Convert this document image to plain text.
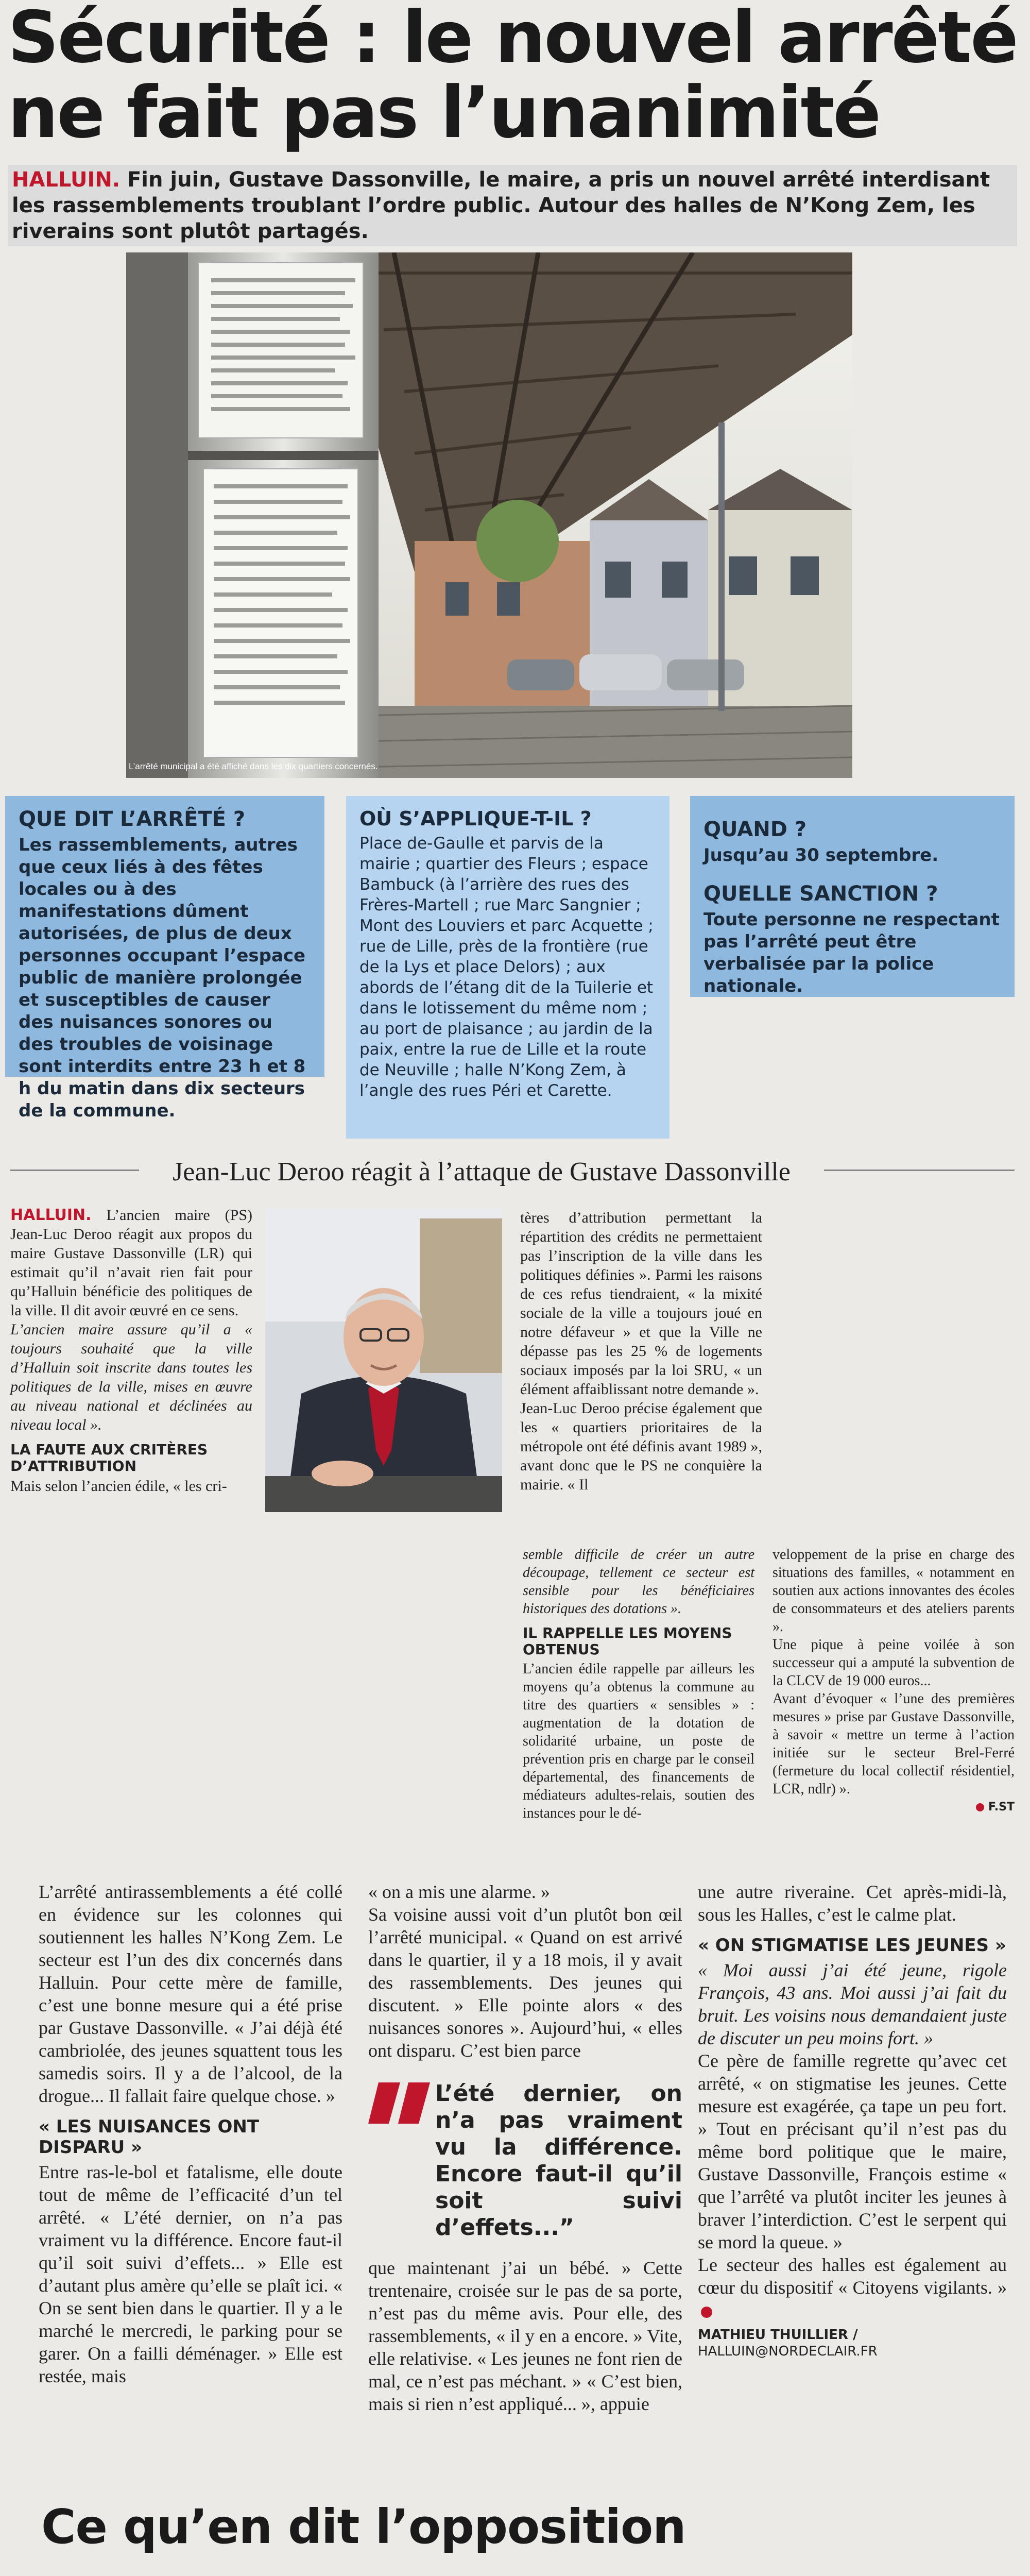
Sécurité : le nouvel arrêté
ne fait pas l’unanimité
HALLUIN. Fin juin, Gustave Dassonville, le maire, a pris un nouvel arrêté interdisant les rassemblements troublant l’ordre public. Autour des halles de N’Kong Zem, les riverains sont plutôt partagés.
L’arrêté municipal a été affiché dans les dix quartiers concernés.
QUE DIT L’ARRÊTÉ ?

Les rassemblements, autres que ceux liés à des fêtes locales ou à des manifestations dûment autorisées, de plus de deux personnes occupant l’espace public de manière prolongée et susceptibles de causer des nuisances sonores ou des troubles de voisinage sont interdits entre 23 h et 8 h du matin dans dix secteurs de la commune.

OÙ S’APPLIQUE-T-IL ?

Place de-Gaulle et parvis de la mairie ; quartier des Fleurs ; espace Bambuck (à l’arrière des rues des Frères-Martell ; rue Marc Sangnier ; Mont des Louviers et parc Acquette ; rue de Lille, près de la frontière (rue de la Lys et place Delors) ; aux abords de l’étang dit de la Tuilerie et dans le lotissement du même nom ; au port de plaisance ; au jardin de la paix, entre la rue de Lille et la route de Neuville ; halle N’Kong Zem, à l’angle des rues Péri et Carette.

QUAND ?

Jusqu’au 30 septembre.

QUELLE SANCTION ?

Toute personne ne respectant pas l’arrêté peut être verbalisée par la police nationale.

Jean-Luc Deroo réagit à l’attaque de Gustave Dassonville
HALLUIN. L’ancien maire (PS) Jean-Luc Deroo réagit aux propos du maire Gustave Dassonville (LR) qui estimait qu’il n’avait rien fait pour qu’Halluin bénéficie des politiques de la ville. Il dit avoir œuvré en ce sens.
L’ancien maire assure qu’il a « toujours souhaité que la ville d’Halluin soit inscrite dans toutes les politiques de la ville, mises en œuvre au niveau national et déclinées au niveau local ».
LA FAUTE AUX CRITÈRES D’ATTRIBUTION
Mais selon l’ancien édile, « les cri-
tères d’attribution permettant la répartition des crédits ne permettaient pas l’inscription de la ville dans les politiques définies ». Parmi les raisons de ces refus tiendraient, « la mixité sociale de la ville a toujours joué en notre défaveur » et que la Ville ne dépasse pas les 25 % de logements sociaux imposés par la loi SRU, « un élément affaiblissant notre demande ».
Jean-Luc Deroo précise également que les « quartiers prioritaires de la métropole ont été définis avant 1989 », avant donc que le PS ne conquière la mairie. « Il
semble difficile de créer un autre découpage, tellement ce secteur est sensible pour les bénéficiaires historiques des dotations ».
IL RAPPELLE LES MOYENS OBTENUS
L’ancien édile rappelle par ailleurs les moyens qu’a obtenus la commune au titre des quartiers « sensibles » : augmentation de la dotation de solidarité urbaine, un poste de prévention pris en charge par le conseil départemental, des financements de médiateurs adultes-relais, soutien des instances pour le dé-
veloppement de la prise en charge des situations des familles, « notamment en soutien aux actions innovantes des écoles de consommateurs et des ateliers parents ».
Une pique à peine voilée à son successeur qui a amputé la subvention de la CLCV de 19 000 euros...
Avant d’évoquer « l’une des premières mesures » prise par Gustave Dassonville, à savoir « mettre un terme à l’action initiée sur le secteur Brel-Ferré (fermeture du local collectif résidentiel, LCR, ndlr) ».
F.ST
L’arrêté antirassemblements a été collé en évidence sur les colonnes qui soutiennent les halles N’Kong Zem. Le secteur est l’un des dix concernés dans Halluin. Pour cette mère de famille, c’est une bonne mesure qui a été prise par Gustave Dassonville. « J’ai déjà été cambriolée, des jeunes squattent tous les samedis soirs. Il y a de l’alcool, de la drogue... Il fallait faire quelque chose. »
« LES NUISANCES ONT DISPARU »
Entre ras-le-bol et fatalisme, elle doute tout de même de l’efficacité d’un tel arrêté. « L’été dernier, on n’a pas vraiment vu la différence. Encore faut-il qu’il soit suivi d’effets... » Elle est d’autant plus amère qu’elle se plaît ici. « On se sent bien dans le quartier. Il y a le marché le mercredi, le parking pour se garer. On a failli déménager. » Elle est restée, mais
« on a mis une alarme. »
Sa voisine aussi voit d’un plutôt bon œil l’arrêté municipal. « Quand on est arrivé dans le quartier, il y a 18 mois, il y avait des rassemblements. Des jeunes qui discutent. » Elle pointe alors « des nuisances sonores ». Aujourd’hui, « elles ont disparu. C’est bien parce
L’été dernier, on n’a pas vraiment vu la différence. Encore faut-il qu’il soit suivi d’effets...”
que maintenant j’ai un bébé. » Cette trentenaire, croisée sur le pas de sa porte, n’est pas du même avis. Pour elle, des rassemblements, « il y en a encore. » Vite, elle relativise. « Les jeunes ne font rien de mal, ce n’est pas méchant. » « C’est bien, mais si rien n’est appliqué... », appuie
une autre riveraine. Cet après-midi-là, sous les Halles, c’est le calme plat.
« ON STIGMATISE LES JEUNES »
« Moi aussi j’ai été jeune, rigole François, 43 ans. Moi aussi j’ai fait du bruit. Les voisins nous demandaient juste de discuter un peu moins fort. »
Ce père de famille regrette qu’avec cet arrêté, « on stigmatise les jeunes. Cette mesure est exagérée, ça tape un peu fort. » Tout en précisant qu’il n’est pas du même bord politique que le maire, Gustave Dassonville, François estime « que l’arrêté va plutôt inciter les jeunes à braver l’interdiction. C’est le serpent qui se mord la queue. »
Le secteur des halles est également au cœur du dispositif « Citoyens vigilants. »
MATHIEU THUILLIER /
HALLUIN@NORDECLAIR.FR
Ce qu’en dit l’opposition
